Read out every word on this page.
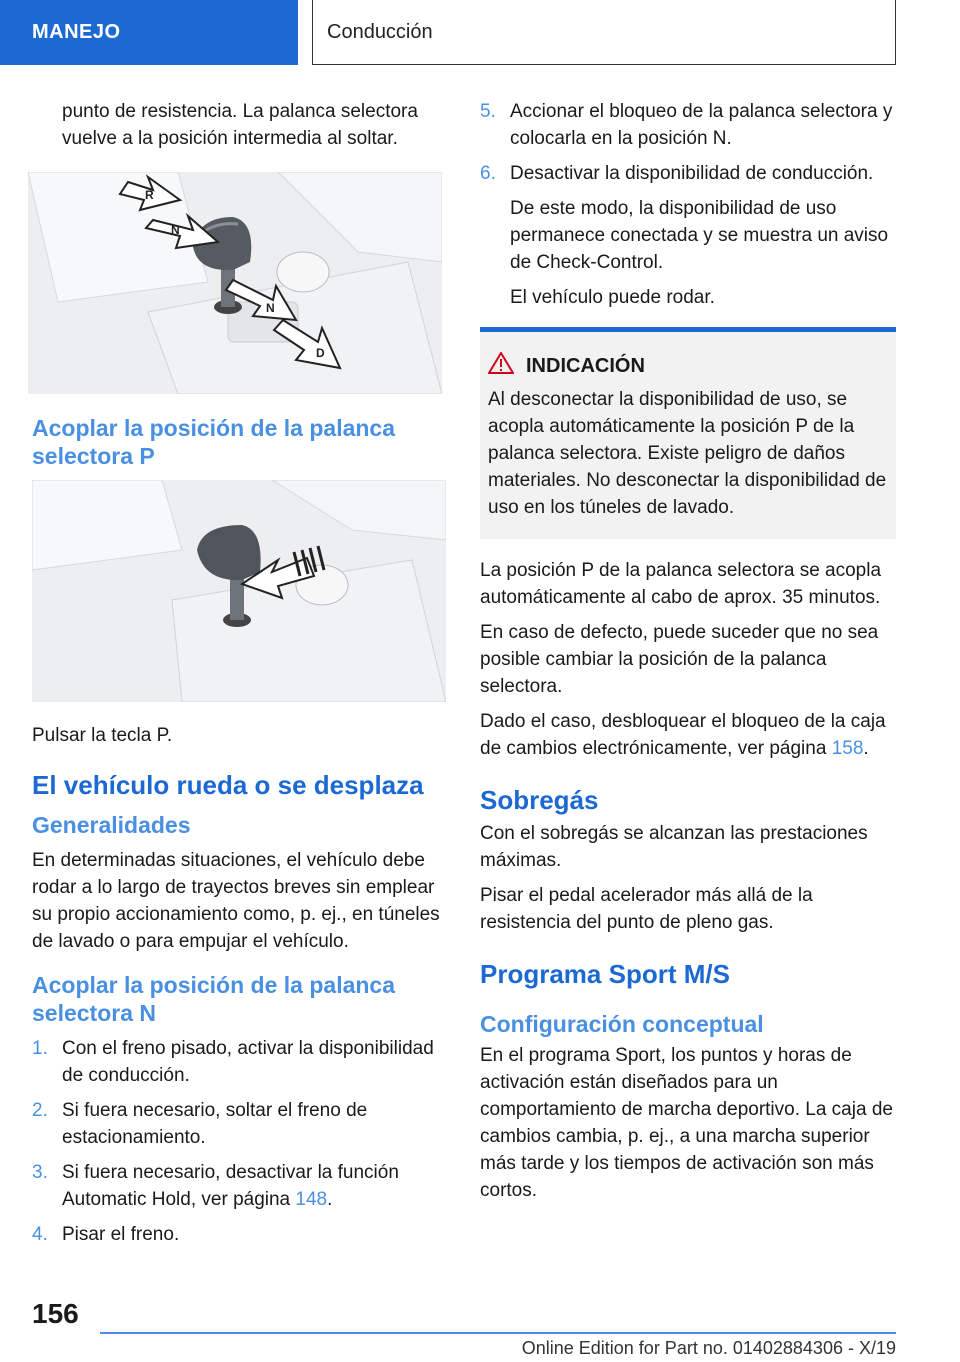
MANEJO	Conducción

punto de resistencia. La palanca selectora vuelve a la posición intermedia al soltar.

R
N
N
D
Acoplar la posición de la palanca selectora P

Pulsar la tecla P.

El vehículo rueda o se desplaza
Generalidades

En determinadas situaciones, el vehículo debe rodar a lo largo de trayectos breves sin emplear su propio accionamiento como, p. ej., en túneles de lavado o para empujar el vehículo.

Acoplar la posición de la palanca selectora N
1. Con el freno pisado, activar la disponibilidad de conducción.
2. Si fuera necesario, soltar el freno de estacionamiento.
3. Si fuera necesario, desactivar la función Automatic Hold, ver página 148.
4. Pisar el freno.
5. Accionar el bloqueo de la palanca selectora y colocarla en la posición N.
6. Desactivar la disponibilidad de conducción.

De este modo, la disponibilidad de uso permanece conectada y se muestra un aviso de Check-Control.

El vehículo puede rodar.

INDICACIÓN

Al desconectar la disponibilidad de uso, se acopla automáticamente la posición P de la palanca selectora. Existe peligro de daños materiales. No desconectar la disponibilidad de uso en los túneles de lavado.

La posición P de la palanca selectora se acopla automáticamente al cabo de aprox. 35 minutos.

En caso de defecto, puede suceder que no sea posible cambiar la posición de la palanca selectora.

Dado el caso, desbloquear el bloqueo de la caja de cambios electrónicamente, ver página 158.

Sobregás

Con el sobregás se alcanzan las prestaciones máximas.

Pisar el pedal acelerador más allá de la resistencia del punto de pleno gas.

Programa Sport M/S
Configuración conceptual

En el programa Sport, los puntos y horas de activación están diseñados para un comportamiento de marcha deportivo. La caja de cambios cambia, p. ej., a una marcha superior más tarde y los tiempos de activación son más cortos.

156
Online Edition for Part no. 01402884306 - X/19
